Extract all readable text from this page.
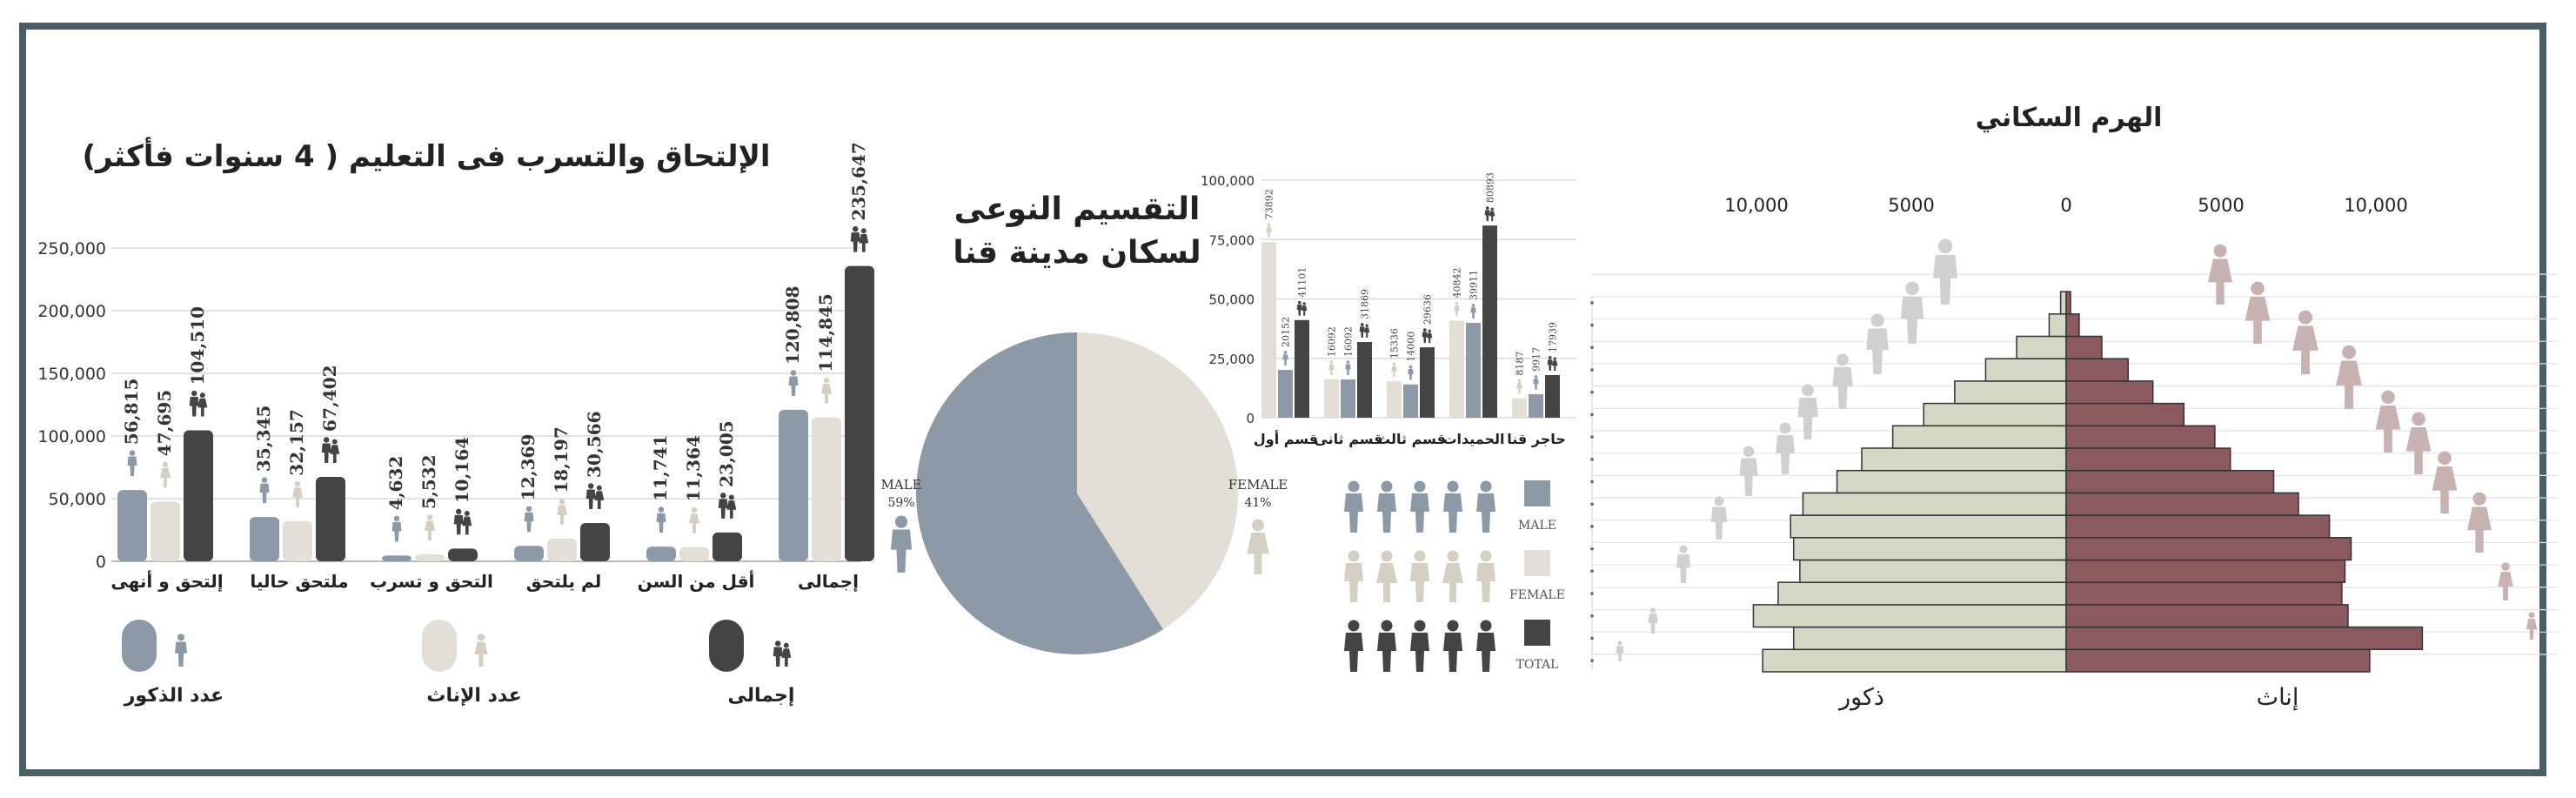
الإلتحاق والتسرب فى التعليم ( 4 سنوات فأكثر)
0
50,000
100,000
150,000
200,000
250,000
56,815 47,695
104,510
إلتحق و أنهى
35,345 32,157
67,402
ملتحق حاليا
4,632 5,532 10,164
التحق و تسرب
12,369 18,197 30,566
لم يلتحق
11,741 11,364 23,005
أقل من السن
120,808 114,845
235,647
إجمالى
عدد الذكور	عدد الإناث	إجمالى
التقسيم النوعى
لسكان مدينة قنا
MALE
59%
FEMALE
41%
0
25,000
50,000
75,000
100,000
73892
20152
41101
قسم أول
16092 16092
31869
قسم ثانى
15336 14000
29636
قسم ثالث
40842 39911
80893
الحميدات
8187 9917
17939
حاجر قنا
MALE
FEMALE
TOTAL
الهرم السكاني
10,000	5000	0	5000	10,000
ذكور	إناث
